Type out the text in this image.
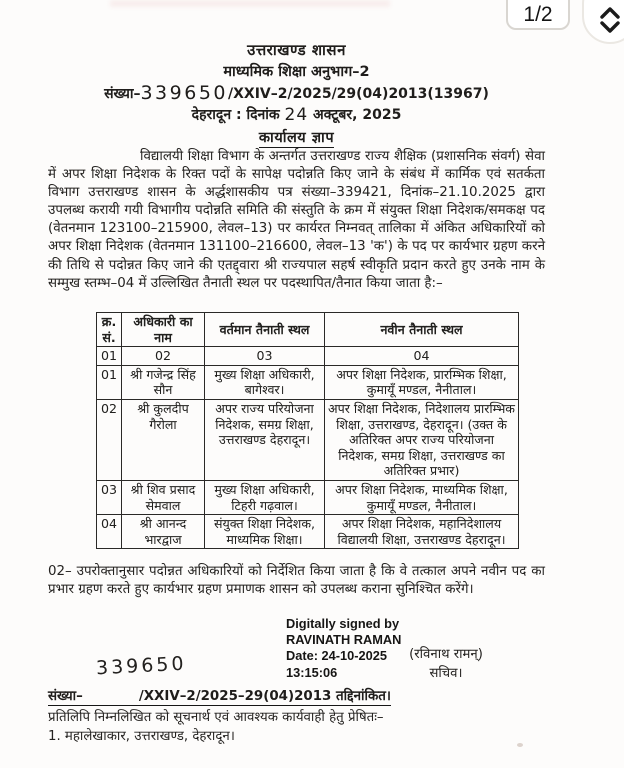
उत्तराखण्ड शासन
माध्यमिक शिक्षा अनुभाग–2
संख्या–339650/XXIV–2/2025/29(04)2013(13967)
देहरादून : दिनांक 24 अक्टूबर, 2025
कार्यालय ज्ञाप
विद्यालयी शिक्षा विभाग के अन्तर्गत उत्तराखण्ड राज्य शैक्षिक (प्रशासनिक संवर्ग) सेवा में अपर शिक्षा निदेशक के रिक्त पदों के सापेक्ष पदोन्नति किए जाने के संबंध में कार्मिक एवं सतर्कता विभाग उत्तराखण्ड शासन के अर्द्धशासकीय पत्र संख्या–339421, दिनांक–21.10.2025 द्वारा उपलब्ध करायी गयी विभागीय पदोन्नति समिति की संस्तुति के क्रम में संयुक्त शिक्षा निदेशक/समकक्ष पद (वेतनमान 123100–215900, लेवल–13) पर कार्यरत निम्नवत् तालिका में अंकित अधिकारियों को अपर शिक्षा निदेशक (वेतनमान 131100–216600, लेवल–13 'क') के पद पर कार्यभार ग्रहण करने की तिथि से पदोन्नत किए जाने की एतद्द्वारा श्री राज्यपाल सहर्ष स्वीकृति प्रदान करते हुए उनके नाम के सम्मुख स्तम्भ–04 में उल्लिखित तैनाती स्थल पर पदस्थापित/तैनात किया जाता है:–
क्र.
सं.	अधिकारी का नाम	वर्तमान तैनाती स्थल	नवीन तैनाती स्थल
01	02	03	04
01	श्री गजेन्द्र सिंह सौन	मुख्य शिक्षा अधिकारी, बागेश्वर।	अपर शिक्षा निदेशक, प्रारम्भिक शिक्षा, कुमायूँ मण्डल, नैनीताल।
02	श्री कुलदीप गैरोला	अपर राज्य परियोजना निदेशक, समग्र शिक्षा, उत्तराखण्ड देहरादून।	अपर शिक्षा निदेशक, निदेशालय प्रारम्भिक शिक्षा, उत्तराखण्ड, देहरादून। (उक्त के अतिरिक्त अपर राज्य परियोजना निदेशक, समग्र शिक्षा, उत्तराखण्ड का अतिरिक्त प्रभार)
03	श्री शिव प्रसाद सेमवाल	मुख्य शिक्षा अधिकारी, टिहरी गढ़वाल।	अपर शिक्षा निदेशक, माध्यमिक शिक्षा, कुमायूँ मण्डल, नैनीताल।
04	श्री आनन्द भारद्वाज	संयुक्त शिक्षा निदेशक, माध्यमिक शिक्षा।	अपर शिक्षा निदेशक, महानिदेशालय विद्यालयी शिक्षा, उत्तराखण्ड देहरादून।
02– उपरोक्तानुसार पदोन्नत अधिकारियों को निर्देशित किया जाता है कि वे तत्काल अपने नवीन पद का प्रभार ग्रहण करते हुए कार्यभार ग्रहण प्रमाणक शासन को उपलब्ध कराना सुनिश्चित करेंगे।
Digitally signed by
RAVINATH RAMAN
Date: 24-10-2025
13:15:06
(रविनाथ रामन्)
सचिव।
339650
संख्या–	/XXIV–2/2025–29(04)2013 तद्दिनांकित।
प्रतिलिपि निम्नलिखित को सूचनार्थ एवं आवश्यक कार्यवाही हेतु प्रेषितः–
1. महालेखाकार, उत्तराखण्ड, देहरादून।
1/2
